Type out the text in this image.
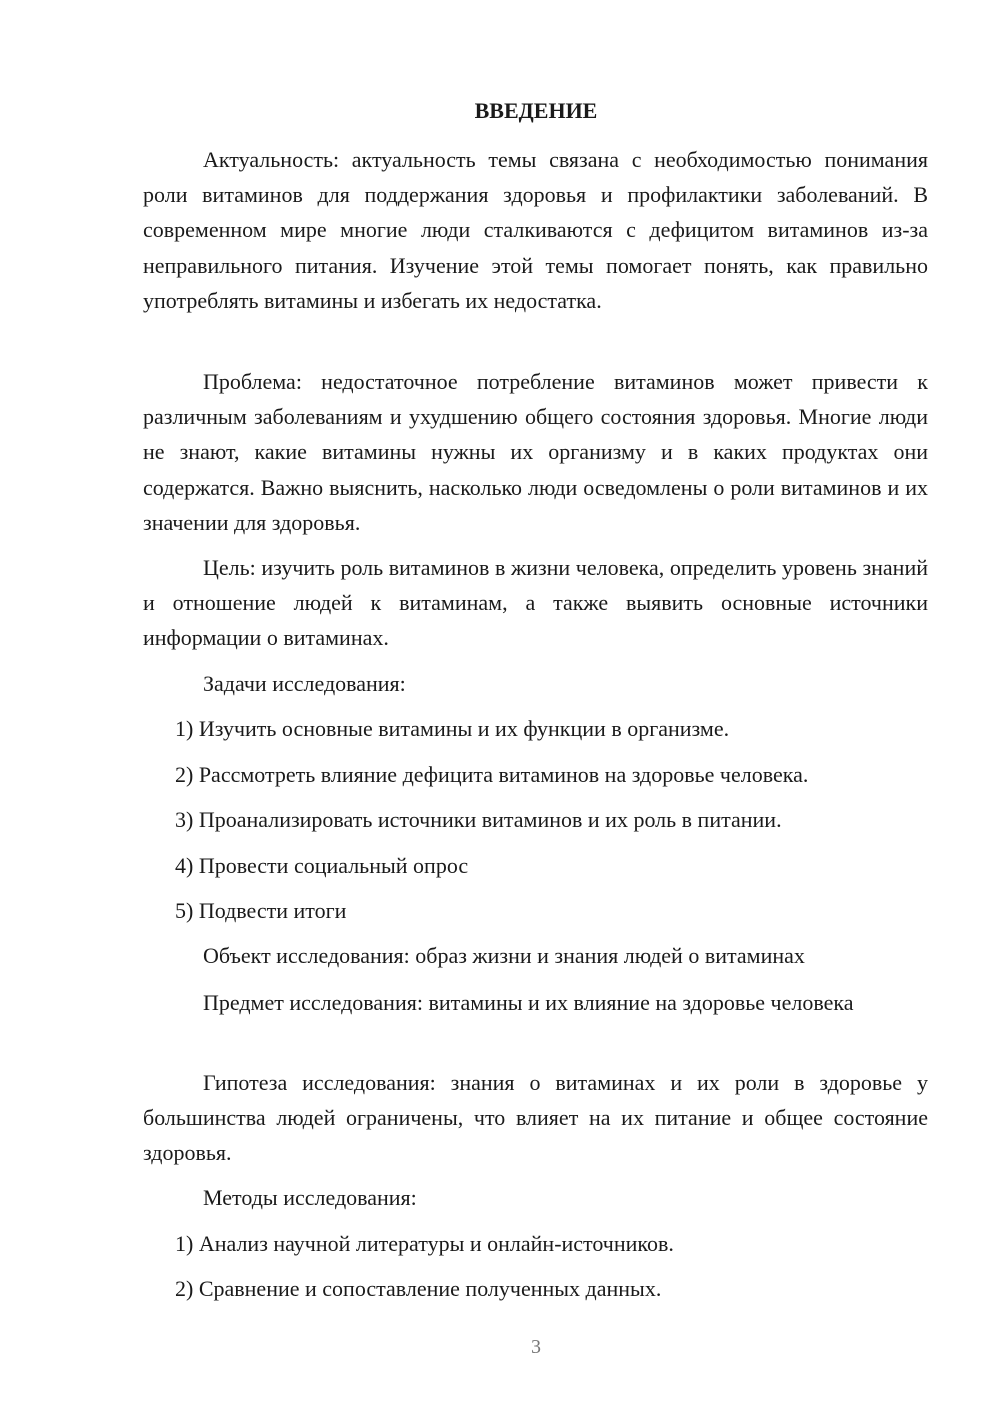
ВВЕДЕНИЕ

Актуальность: актуальность темы связана с необходимостью понимания роли витаминов для поддержания здоровья и профилактики заболеваний. В современном мире многие люди сталкиваются с дефицитом витаминов из-за неправильного питания. Изучение этой темы помогает понять, как правильно употреблять витамины и избегать их недостатка.

Проблема: недостаточное потребление витаминов может привести к различным заболеваниям и ухудшению общего состояния здоровья. Многие люди не знают, какие витамины нужны их организму и в каких продуктах они содержатся. Важно выяснить, насколько люди осведомлены о роли витаминов и их значении для здоровья.

Цель: изучить роль витаминов в жизни человека, определить уровень знаний и отношение людей к витаминам, а также выявить основные источники информации о витаминах.

Задачи исследования:

1) Изучить основные витамины и их функции в организме.

2) Рассмотреть влияние дефицита витаминов на здоровье человека.

3) Проанализировать источники витаминов и их роль в питании.

4) Провести социальный опрос

5) Подвести итоги

Объект исследования: образ жизни и знания людей о витаминах

Предмет исследования: витамины и их влияние на здоровье человека

Гипотеза исследования: знания о витаминах и их роли в здоровье у большинства людей ограничены, что влияет на их питание и общее состояние здоровья.

Методы исследования:

1) Анализ научной литературы и онлайн-источников.

2) Сравнение и сопоставление полученных данных.

3
